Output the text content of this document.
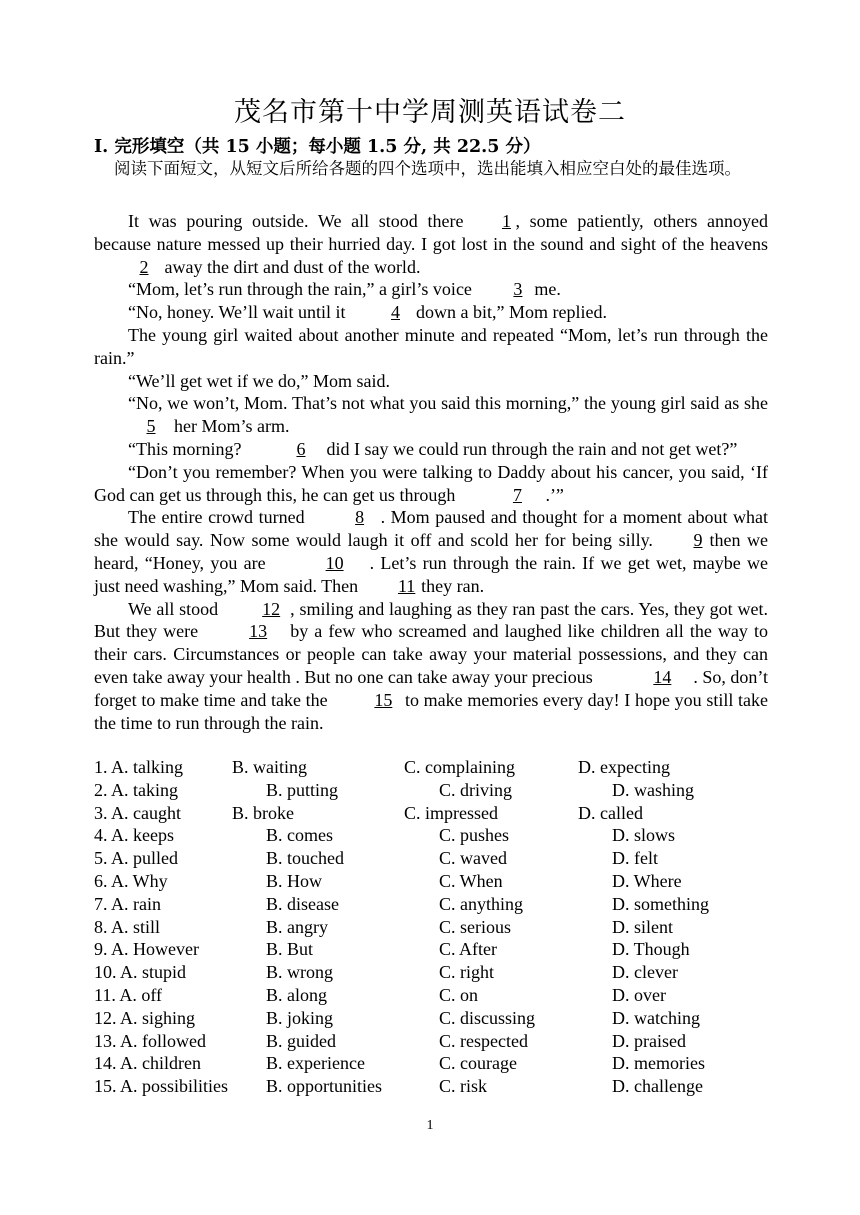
茂名市第十中学周测英语试卷二
I. 完形填空（共 15 小题；每小题 1.5 分, 共 22.5 分）
阅读下面短文，从短文后所给各题的四个选项中，选出能填入相应空白处的最佳选项。

It was pouring outside. We all stood there 1 , some patiently, others annoyed because nature messed up their hurried day. I got lost in the sound and sight of the heavens2 away the dirt and dust of the world.

“Mom, let’s run through the rain,” a girl’s voice 3 me.

“No, honey. We’ll wait until it	4 down a bit,” Mom replied.

The young girl waited about another minute and repeated “Mom, let’s run through the rain.”

“We’ll get wet if we do,” Mom said.

“No, we won’t, Mom. That’s not what you said this morning,” the young girl said as she5 her Mom’s arm.

“This morning?	6 did I say we could run through the rain and not get wet?”

“Don’t you remember? When you were talking to Daddy about his cancer, you said, ‘If God can get us through this, he can get us through	7 .’”

The entire crowd turned	8 . Mom paused and thought for a moment about what she would say. Now some would laugh it off and scold her for being silly. 9 then we heard, “Honey, you are	10 . Let’s run through the rain. If we get wet, maybe we just need washing,” Mom said. Then 11 they ran.

We all stood 12 , smiling and laughing as they ran past the cars. Yes, they got wet. But they were	13 by a few who screamed and laughed like children all the way to their cars. Circumstances or people can take away your material possessions, and they can even take away your health . But no one can take away your precious	14 . So, don’t forget to make time and take the 15 to make memories every day! I hope you still take the time to run through the rain.

1. A. talking	B. waiting	C. complaining	D. expecting
2. A. taking	B. putting	C. driving	D. washing
3. A. caught	B. broke	C. impressed	D. called
4. A. keeps	B. comes	C. pushes	D. slows
5. A. pulled	B. touched	C. waved	D. felt
6. A. Why	B. How	C. When	D. Where
7. A. rain	B. disease	C. anything	D. something
8. A. still	B. angry	C. serious	D. silent
9. A. However	B. But	C. After	D. Though
10. A. stupid	B. wrong	C. right	D. clever
11. A. off	B. along	C. on	D. over
12. A. sighing	B. joking	C. discussing	D. watching
13. A. followed	B. guided	C. respected	D. praised
14. A. children	B. experience	C. courage	D. memories
15. A. possibilities B. opportunities	C. risk	D. challenge
1
